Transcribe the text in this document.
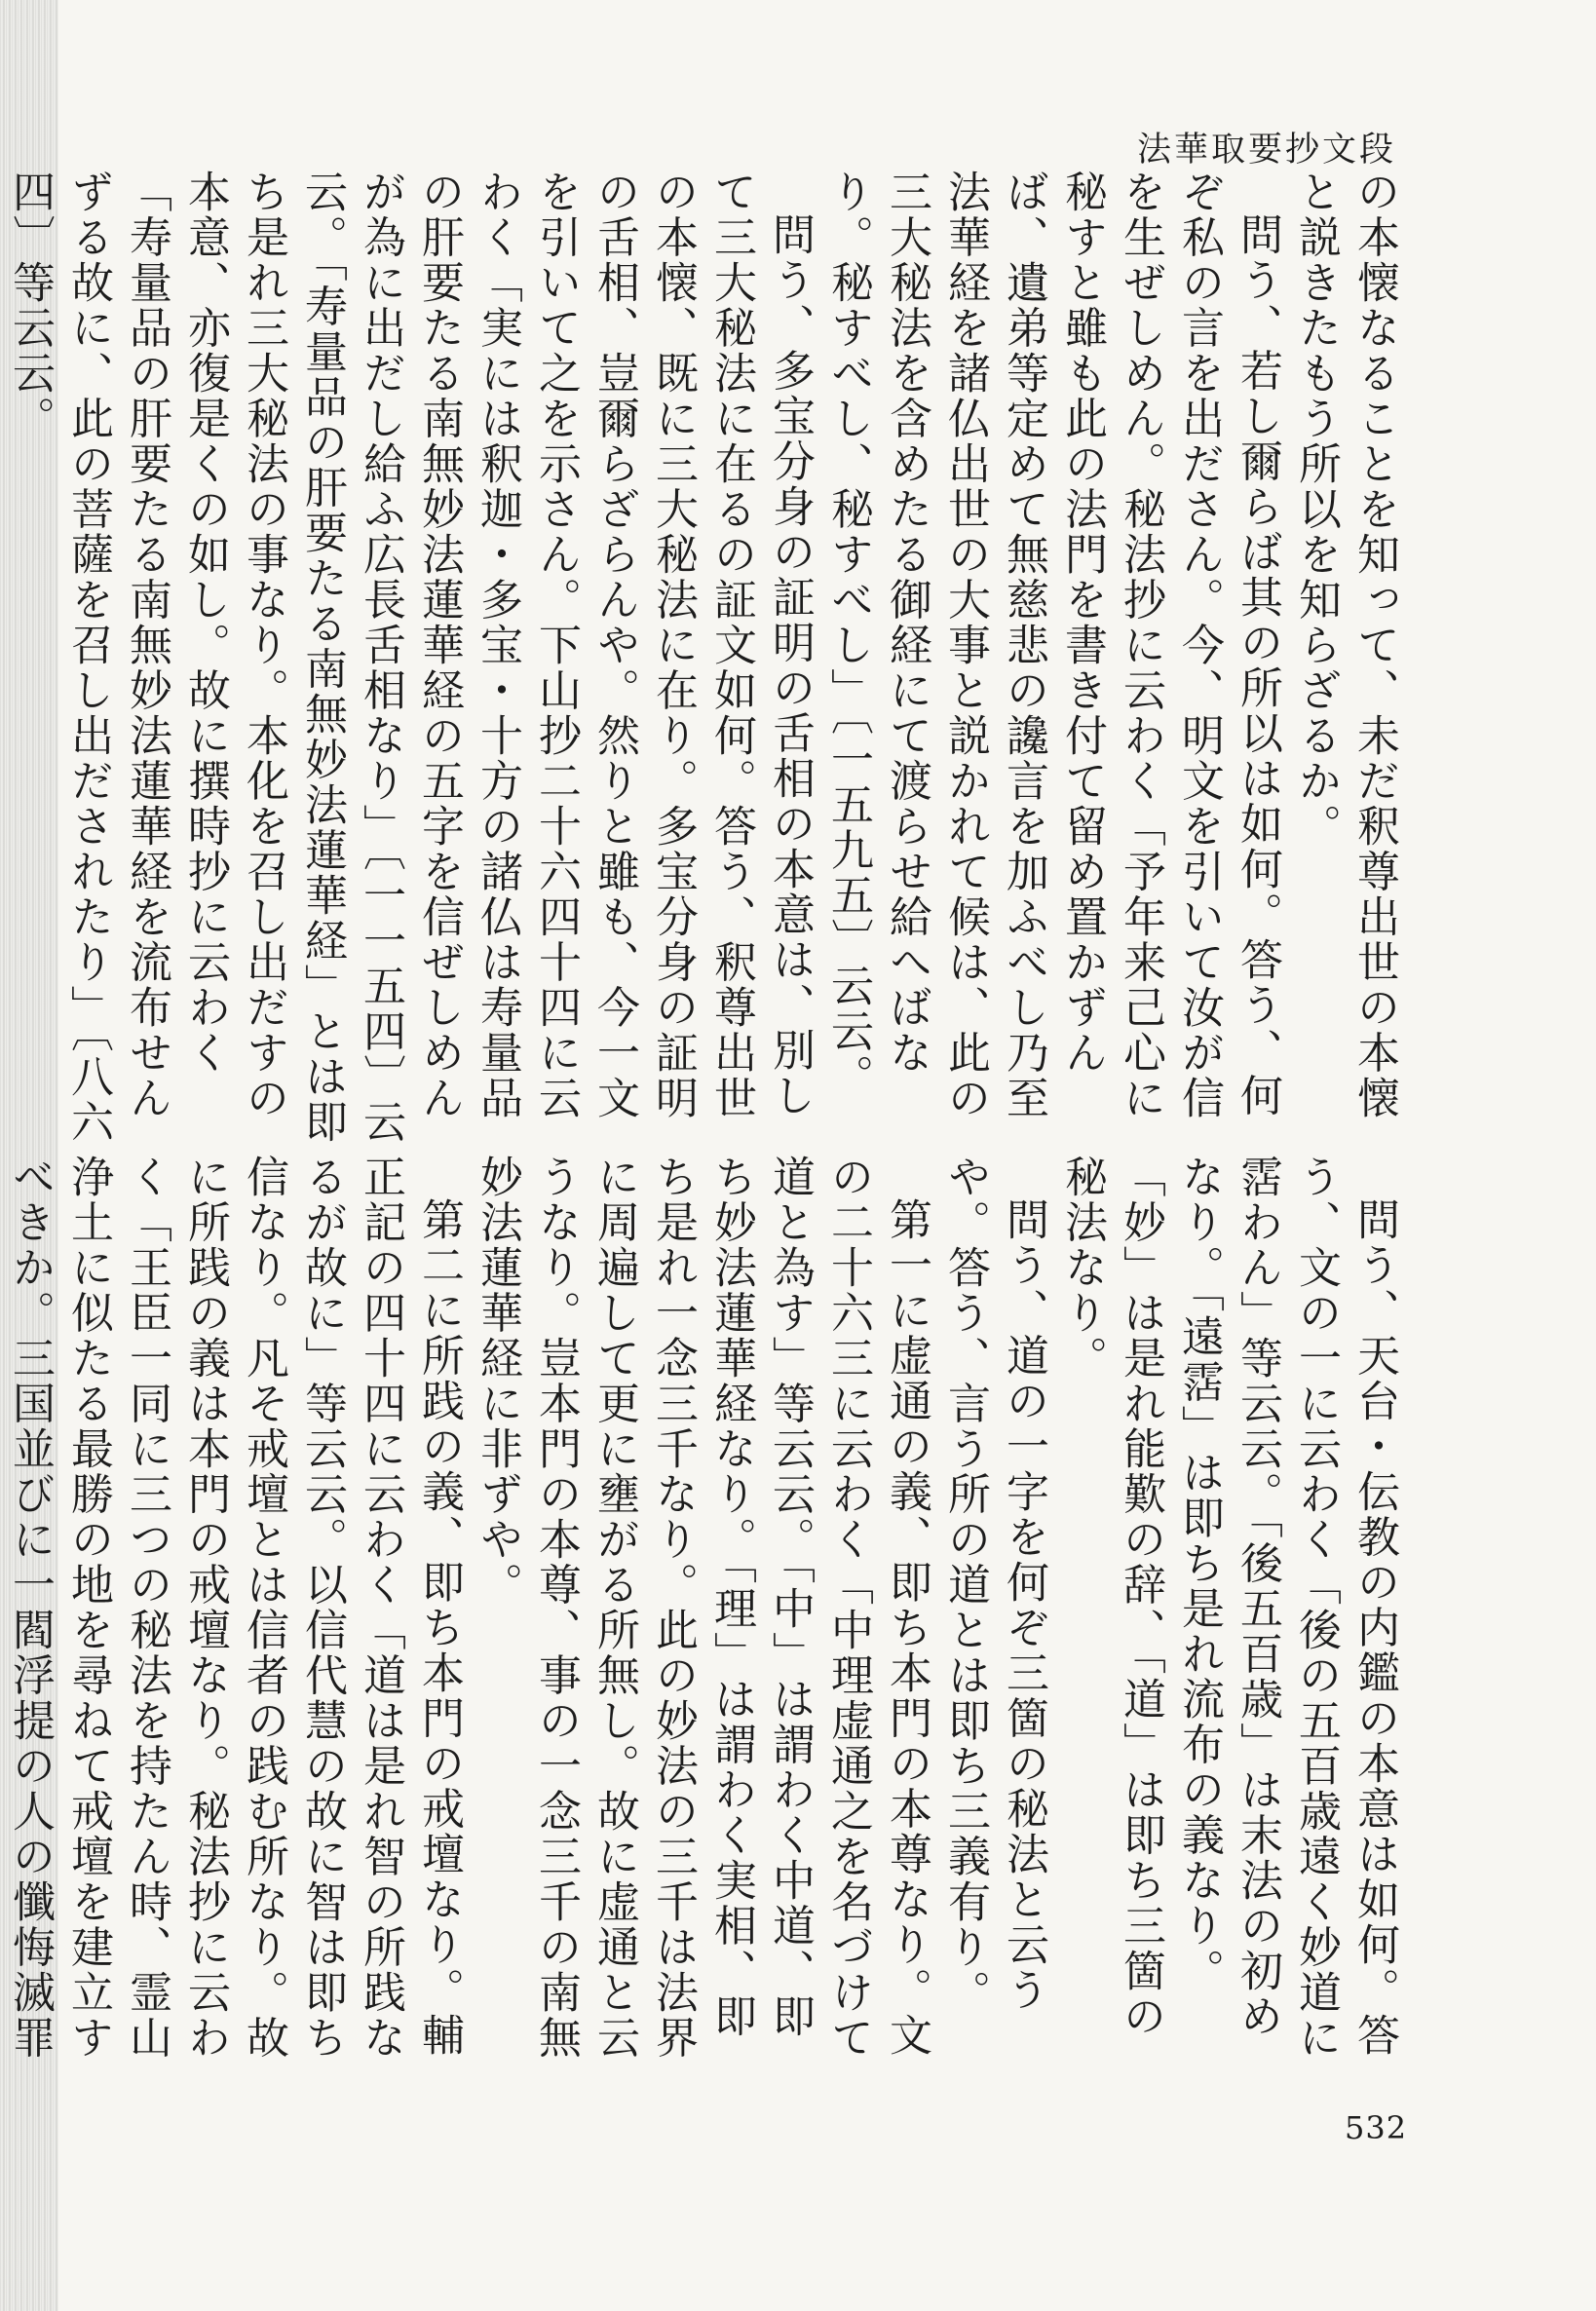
法華取要抄文段

の本懐なることを知って、未だ釈尊出世の本懐と説きたもう所以を知らざるか。

問う、若し爾らば其の所以は如何。答う、何ぞ私の言を出ださん。今、明文を引いて汝が信を生ぜしめん。秘法抄に云わく「予年来己心に秘すと雖も此の法門を書き付て留め置かずんば、遺弟等定めて無慈悲の讒言を加ふべし乃至法華経を諸仏出世の大事と説かれて候は、此の三大秘法を含めたる御経にて渡らせ給へばなり。秘すべし、秘すべし」〔一五九五〕云云。

問う、多宝分身の証明の舌相の本意は、別して三大秘法に在るの証文如何。答う、釈尊出世の本懐、既に三大秘法に在り。多宝分身の証明の舌相、豈爾らざらんや。然りと雖も、今一文を引いて之を示さん。下山抄二十六四十四に云わく「実には釈迦・多宝・十方の諸仏は寿量品の肝要たる南無妙法蓮華経の五字を信ぜしめんが為に出だし給ふ広長舌相なり」〔一一五四〕云云。「寿量品の肝要たる南無妙法蓮華経」とは即ち是れ三大秘法の事なり。本化を召し出だすの本意、亦復是くの如し。故に撰時抄に云わく「寿量品の肝要たる南無妙法蓮華経を流布せんずる故に、此の菩薩を召し出だされたり」〔八六四〕等云云。

問う、天台・伝教の内鑑の本意は如何。答う、文の一に云わく「後の五百歳遠く妙道に霑わん」等云云。「後五百歳」は末法の初めなり。「遠霑」は即ち是れ流布の義なり。「妙」は是れ能歎の辞、「道」は即ち三箇の秘法なり。

問う、道の一字を何ぞ三箇の秘法と云うや。答う、言う所の道とは即ち三義有り。

第一に虚通の義、即ち本門の本尊なり。文の二十六三に云わく「中理虚通之を名づけて道と為す」等云云。「中」は謂わく中道、即ち妙法蓮華経なり。「理」は謂わく実相、即ち是れ一念三千なり。此の妙法の三千は法界に周遍して更に壅がる所無し。故に虚通と云うなり。豈本門の本尊、事の一念三千の南無妙法蓮華経に非ずや。

第二に所践の義、即ち本門の戒壇なり。輔正記の四十四に云わく「道は是れ智の所践なるが故に」等云云。以信代慧の故に智は即ち信なり。凡そ戒壇とは信者の践む所なり。故に所践の義は本門の戒壇なり。秘法抄に云わく「王臣一同に三つの秘法を持たん時、霊山浄土に似たる最勝の地を尋ねて戒壇を建立すべきか。三国並びに一閻浮提の人の懺悔滅罪

532
